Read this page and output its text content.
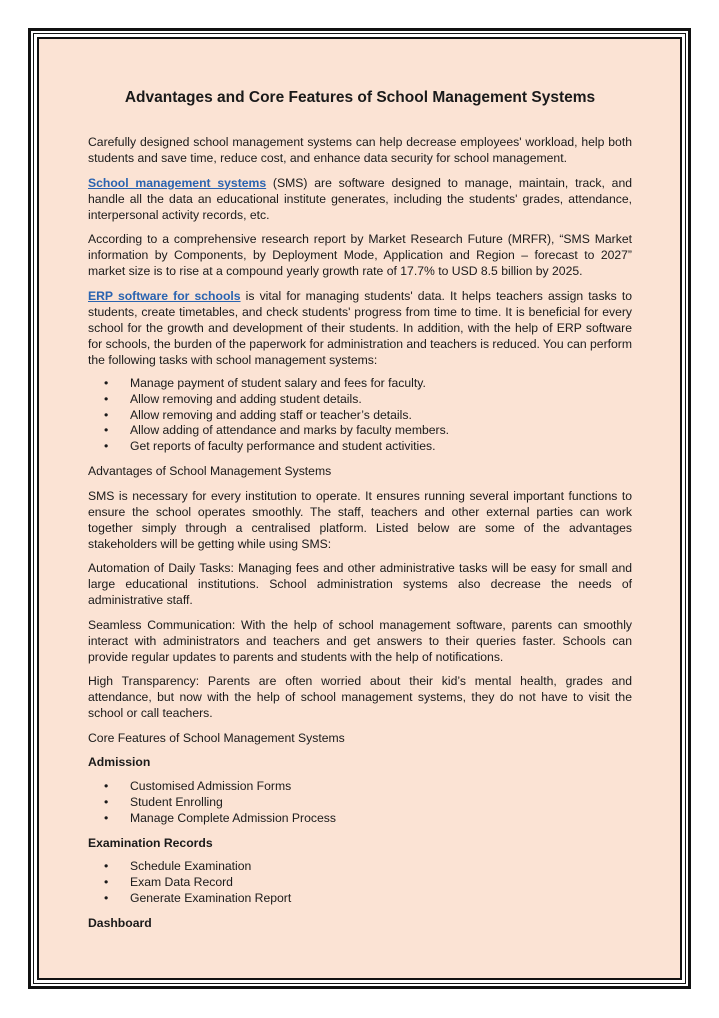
Advantages and Core Features of School Management Systems

Carefully designed school management systems can help decrease employees' workload, help both students and save time, reduce cost, and enhance data security for school management.

School management systems (SMS) are software designed to manage, maintain, track, and handle all the data an educational institute generates, including the students' grades, attendance, interpersonal activity records, etc.

According to a comprehensive research report by Market Research Future (MRFR), “SMS Market information by Components, by Deployment Mode, Application and Region – forecast to 2027” market size is to rise at a compound yearly growth rate of 17.7% to USD 8.5 billion by 2025.

ERP software for schools is vital for managing students' data. It helps teachers assign tasks to students, create timetables, and check students' progress from time to time. It is beneficial for every school for the growth and development of their students. In addition, with the help of ERP software for schools, the burden of the paperwork for administration and teachers is reduced. You can perform the following tasks with school management systems:

• Manage payment of student salary and fees for faculty.
• Allow removing and adding student details.
• Allow removing and adding staff or teacher’s details.
• Allow adding of attendance and marks by faculty members.
• Get reports of faculty performance and student activities.

Advantages of School Management Systems

SMS is necessary for every institution to operate. It ensures running several important functions to ensure the school operates smoothly. The staff, teachers and other external parties can work together simply through a centralised platform. Listed below are some of the advantages stakeholders will be getting while using SMS:

Automation of Daily Tasks: Managing fees and other administrative tasks will be easy for small and large educational institutions. School administration systems also decrease the needs of administrative staff.

Seamless Communication: With the help of school management software, parents can smoothly interact with administrators and teachers and get answers to their queries faster. Schools can provide regular updates to parents and students with the help of notifications.

High Transparency: Parents are often worried about their kid’s mental health, grades and attendance, but now with the help of school management systems, they do not have to visit the school or call teachers.

Core Features of School Management Systems

Admission
• Customised Admission Forms
• Student Enrolling
• Manage Complete Admission Process
Examination Records
• Schedule Examination
• Exam Data Record
• Generate Examination Report
Dashboard
